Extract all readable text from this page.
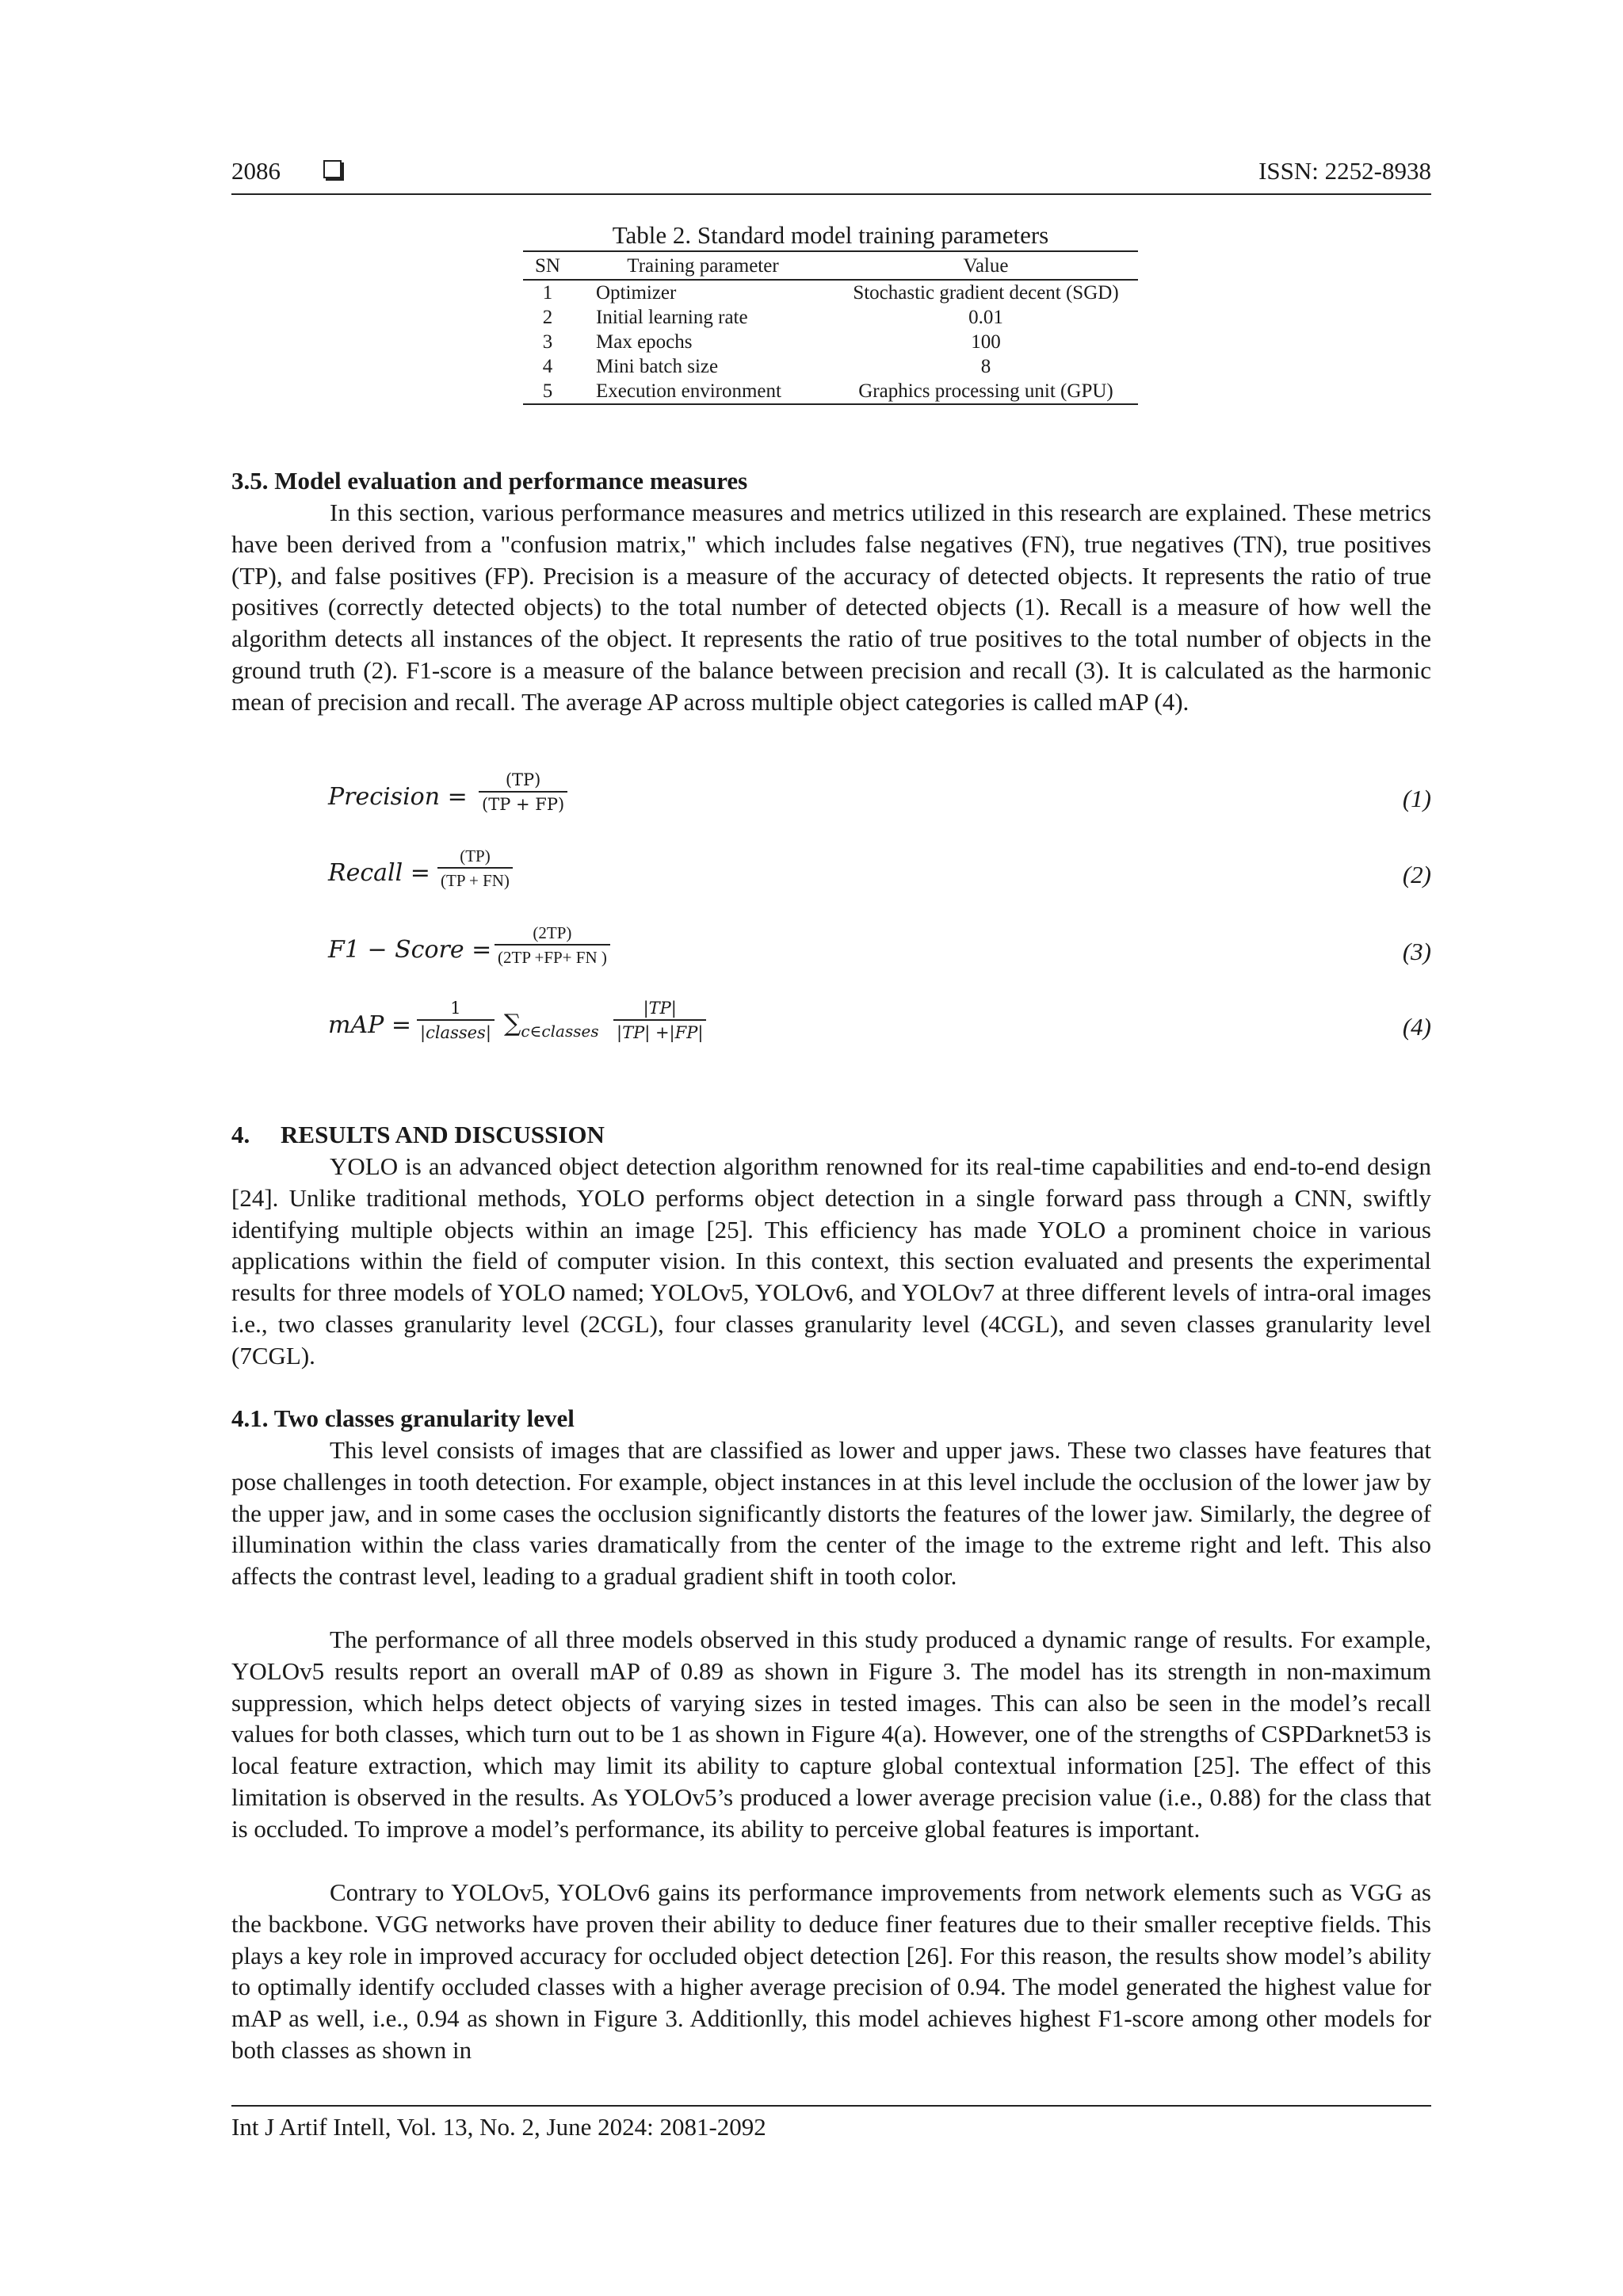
2086	ISSN: 2252-8938
Table 2. Standard model training parameters
SN	Training parameter	Value
1	Optimizer	Stochastic gradient decent (SGD)
2	Initial learning rate	0.01
3	Max epochs	100
4	Mini batch size	8
5	Execution environment	Graphics processing unit (GPU)
3.5. Model evaluation and performance measures

In this section, various performance measures and metrics utilized in this research are explained. These metrics have been derived from a "confusion matrix," which includes false negatives (FN), true negatives (TN), true positives (TP), and false positives (FP). Precision is a measure of the accuracy of detected objects. It represents the ratio of true positives (correctly detected objects) to the total number of detected objects (1). Recall is a measure of how well the algorithm detects all instances of the object. It represents the ratio of true positives to the total number of objects in the ground truth (2). F1-score is a measure of the balance between precision and recall (3). It is calculated as the harmonic mean of precision and recall. The average AP across multiple object categories is called mAP (4).

Precision = $\frac{(TP)}{(TP + FP)}$	(1)
Recall = $\frac{(TP)}{(TP + FN)}$	(2)
F1 − Score = $\frac{(2TP)}{(2TP +FP+ FN )}$	(3)
mAP =
1
|classes| $\sum_{c\in classes} \frac{|TP|}{|TP| +|FP|}$	(4)
4.     RESULTS AND DISCUSSION

YOLO is an advanced object detection algorithm renowned for its real-time capabilities and end-to-end design [24]. Unlike traditional methods, YOLO performs object detection in a single forward pass through a CNN, swiftly identifying multiple objects within an image [25]. This efficiency has made YOLO a prominent choice in various applications within the field of computer vision. In this context, this section evaluated and presents the experimental results for three models of YOLO named; YOLOv5, YOLOv6, and YOLOv7 at three different levels of intra-oral images i.e., two classes granularity level (2CGL), four classes granularity level (4CGL), and seven classes granularity level (7CGL).

4.1. Two classes granularity level

This level consists of images that are classified as lower and upper jaws. These two classes have features that pose challenges in tooth detection. For example, object instances in at this level include the occlusion of the lower jaw by the upper jaw, and in some cases the occlusion significantly distorts the features of the lower jaw. Similarly, the degree of illumination within the class varies dramatically from the center of the image to the extreme right and left. This also affects the contrast level, leading to a gradual gradient shift in tooth color.

The performance of all three models observed in this study produced a dynamic range of results. For example, YOLOv5 results report an overall mAP of 0.89 as shown in Figure 3. The model has its strength in non-maximum suppression, which helps detect objects of varying sizes in tested images. This can also be seen in the model’s recall values for both classes, which turn out to be 1 as shown in Figure 4(a). However, one of the strengths of CSPDarknet53 is local feature extraction, which may limit its ability to capture global contextual information [25]. The effect of this limitation is observed in the results. As YOLOv5’s produced a lower average precision value (i.e., 0.88) for the class that is occluded. To improve a model’s performance, its ability to perceive global features is important.

Contrary to YOLOv5, YOLOv6 gains its performance improvements from network elements such as VGG as the backbone. VGG networks have proven their ability to deduce finer features due to their smaller receptive fields. This plays a key role in improved accuracy for occluded object detection [26]. For this reason, the results show model’s ability to optimally identify occluded classes with a higher average precision of 0.94. The model generated the highest value for mAP as well, i.e., 0.94 as shown in Figure 3. Additionlly, this model achieves highest F1-score among other models for both classes as shown in

Int J Artif Intell, Vol. 13, No. 2, June 2024: 2081-2092
